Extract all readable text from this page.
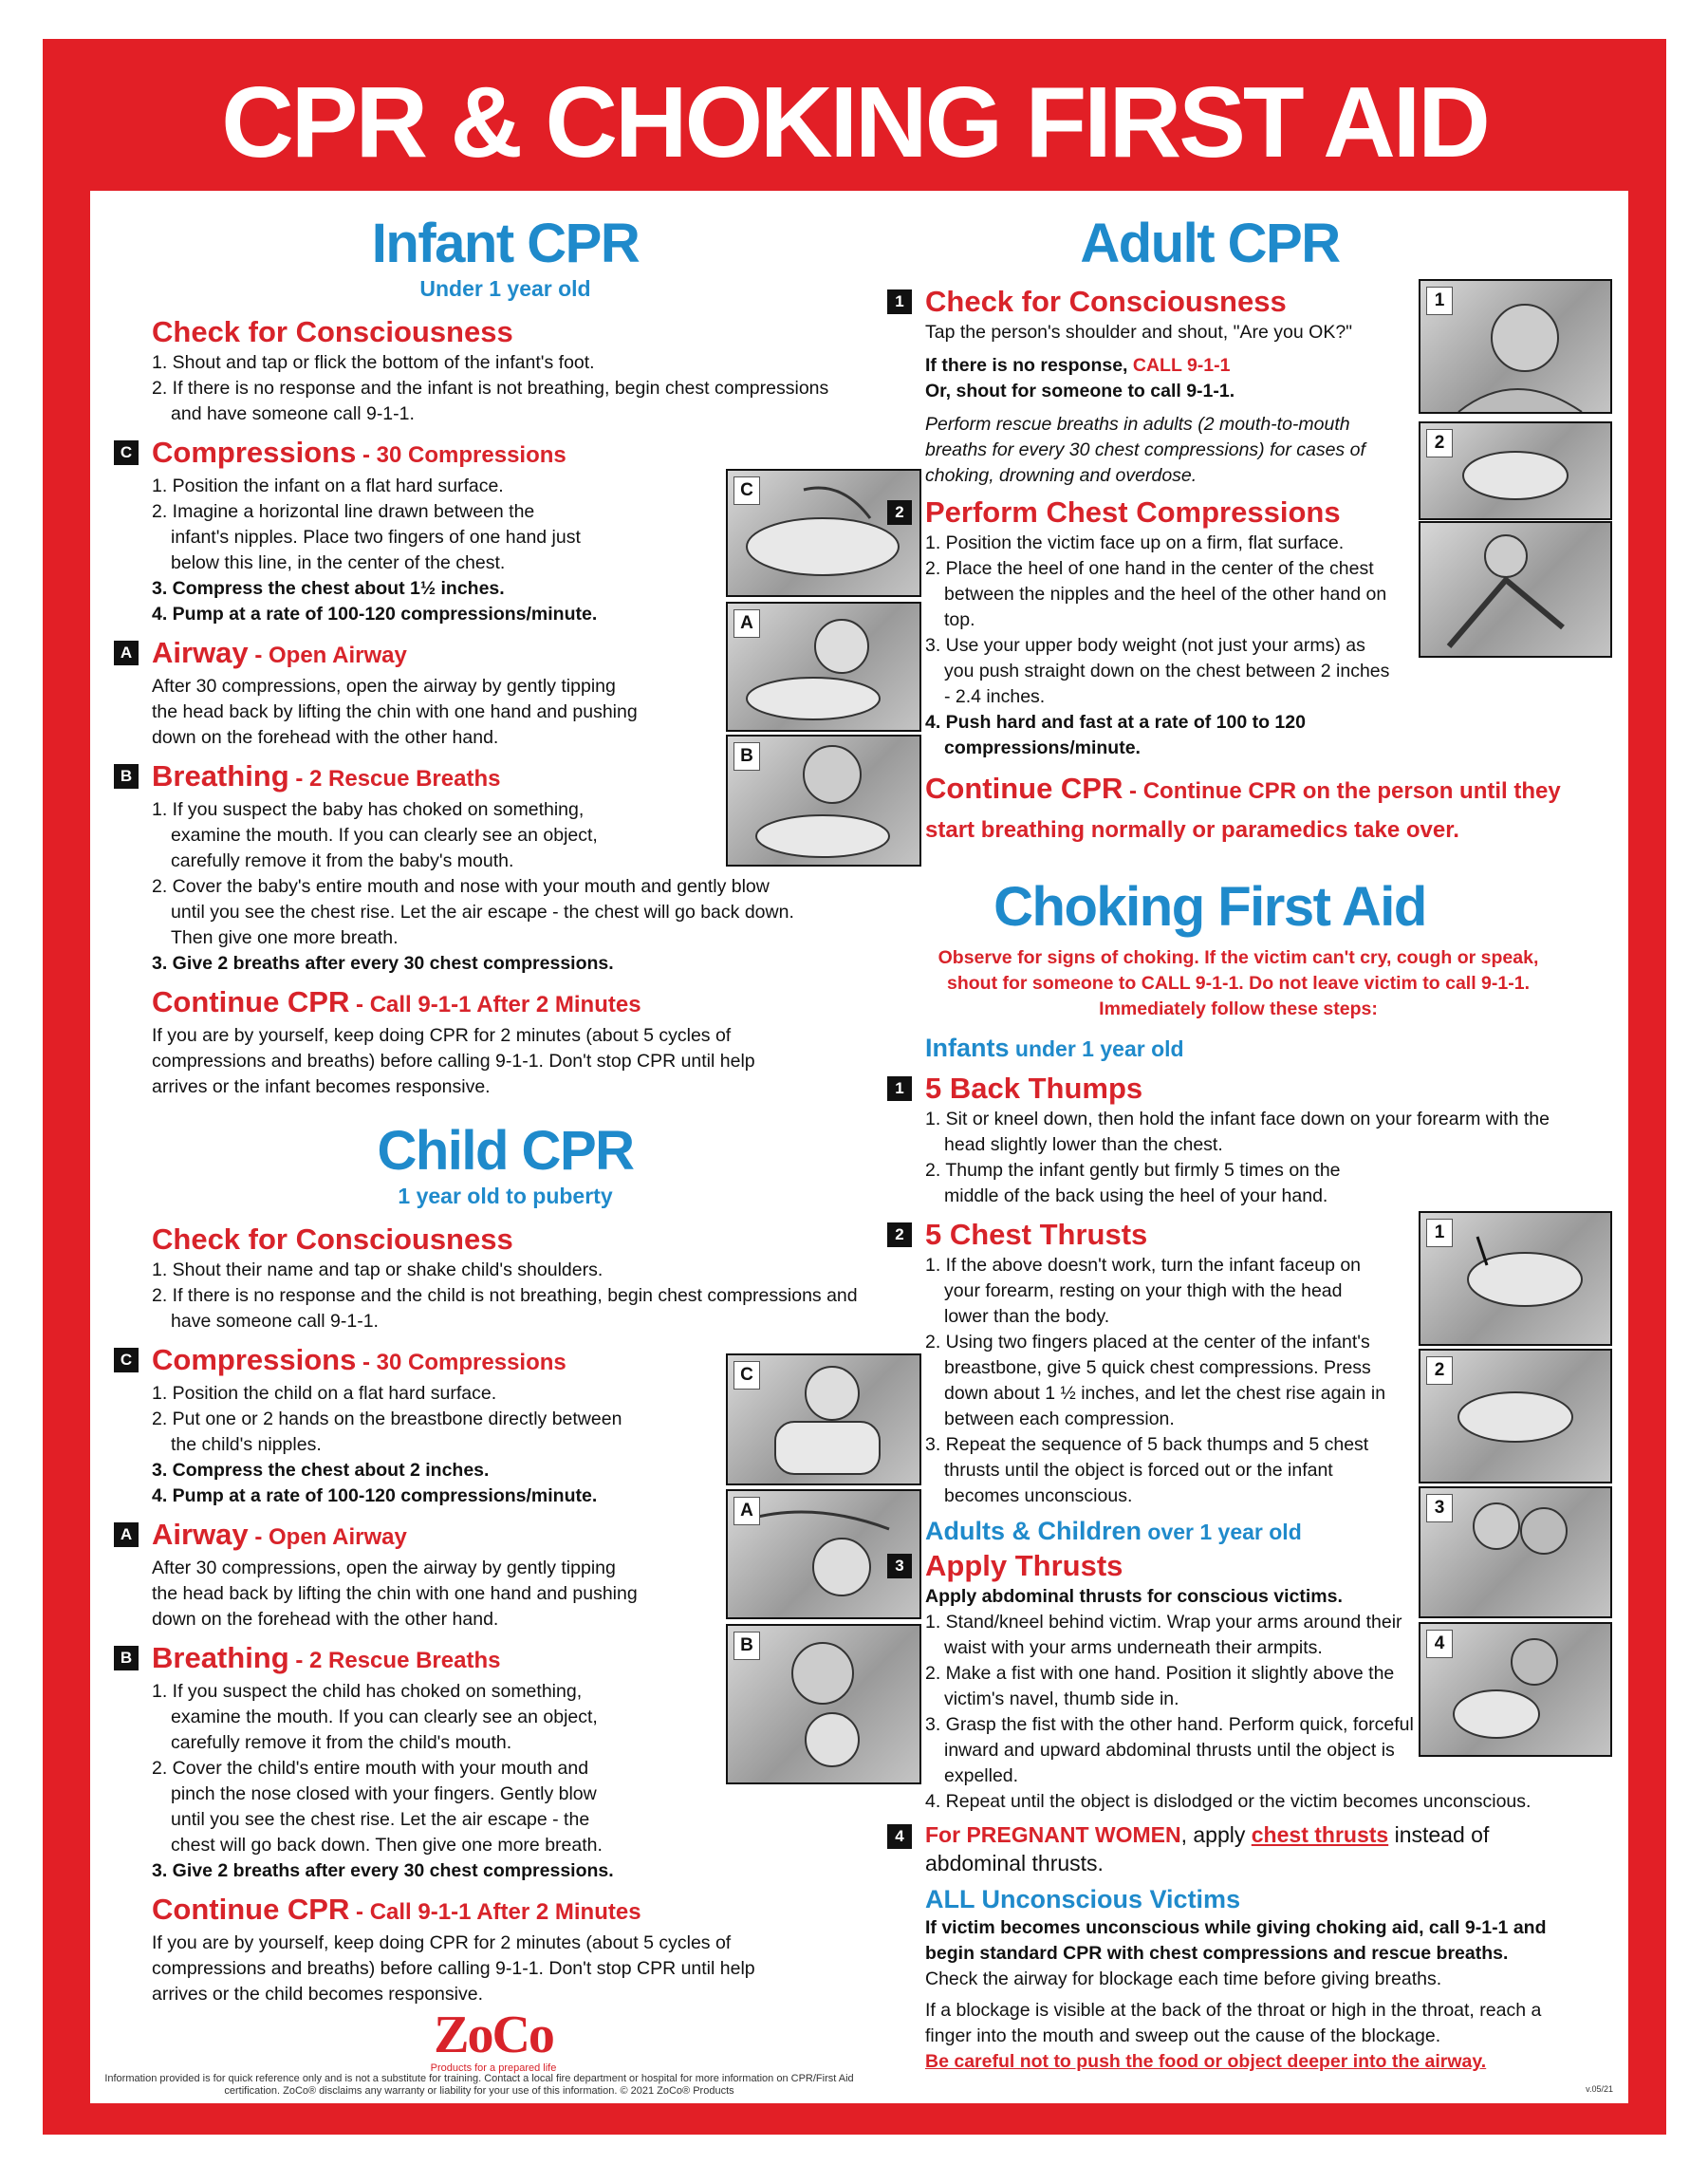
CPR & CHOKING FIRST AID
Infant CPR
Under 1 year old
Check for Consciousness
1. Shout and tap or flick the bottom of the infant's foot.
2. If there is no response and the infant is not breathing, begin chest compressions and have someone call 9-1-1.
C Compressions - 30 Compressions
1. Position the infant on a flat hard surface.
2. Imagine a horizontal line drawn between the infant's nipples. Place two fingers of one hand just below this line, in the center of the chest.
3. Compress the chest about 1½ inches.
4. Pump at a rate of 100-120 compressions/minute.
A Airway - Open Airway
After 30 compressions, open the airway by gently tipping the head back by lifting the chin with one hand and pushing down on the forehead with the other hand.
B Breathing - 2 Rescue Breaths
1. If you suspect the baby has choked on something, examine the mouth. If you can clearly see an object, carefully remove it from the baby's mouth.
2. Cover the baby's entire mouth and nose with your mouth and gently blow until you see the chest rise. Let the air escape - the chest will go back down. Then give one more breath.
3. Give 2 breaths after every 30 chest compressions.
Continue CPR - Call 9-1-1 After 2 Minutes
If you are by yourself, keep doing CPR for 2 minutes (about 5 cycles of compressions and breaths) before calling 9-1-1. Don't stop CPR until help arrives or the infant becomes responsive.
C
A
B
Child CPR
1 year old to puberty
Check for Consciousness
1. Shout their name and tap or shake child's shoulders.
2. If there is no response and the child is not breathing, begin chest compressions and have someone call 9-1-1.
C Compressions - 30 Compressions
1. Position the child on a flat hard surface.
2. Put one or 2 hands on the breastbone directly between the child's nipples.
3. Compress the chest about 2 inches.
4. Pump at a rate of 100-120 compressions/minute.
A Airway - Open Airway
After 30 compressions, open the airway by gently tipping the head back by lifting the chin with one hand and pushing down on the forehead with the other hand.
B Breathing - 2 Rescue Breaths
1. If you suspect the child has choked on something, examine the mouth. If you can clearly see an object, carefully remove it from the child's mouth.
2. Cover the child's entire mouth with your mouth and pinch the nose closed with your fingers. Gently blow until you see the chest rise. Let the air escape - the chest will go back down. Then give one more breath.
3. Give 2 breaths after every 30 chest compressions.
Continue CPR - Call 9-1-1 After 2 Minutes
If you are by yourself, keep doing CPR for 2 minutes (about 5 cycles of compressions and breaths) before calling 9-1-1. Don't stop CPR until help arrives or the child becomes responsive.
C
A
B
Adult CPR
1 Check for Consciousness
Tap the person's shoulder and shout, "Are you OK?"
If there is no response, CALL 9-1-1
Or, shout for someone to call 9-1-1.
Perform rescue breaths in adults (2 mouth-to-mouth breaths for every 30 chest compressions) for cases of choking, drowning and overdose.
2 Perform Chest Compressions
1. Position the victim face up on a firm, flat surface.
2. Place the heel of one hand in the center of the chest between the nipples and the heel of the other hand on top.
3. Use your upper body weight (not just your arms) as you push straight down on the chest between 2 inches - 2.4 inches.
4. Push hard and fast at a rate of 100 to 120 compressions/minute.
Continue CPR - Continue CPR on the person until they start breathing normally or paramedics take over.
Choking First Aid
Observe for signs of choking. If the victim can't cry, cough or speak, shout for someone to CALL 9-1-1. Do not leave victim to call 9-1-1. Immediately follow these steps:
Infants under 1 year old
1 5 Back Thumps
1. Sit or kneel down, then hold the infant face down on your forearm with the head slightly lower than the chest.
2. Thump the infant gently but firmly 5 times on the middle of the back using the heel of your hand.
2 5 Chest Thrusts
1. If the above doesn't work, turn the infant faceup on your forearm, resting on your thigh with the head lower than the body.
2. Using two fingers placed at the center of the infant's breastbone, give 5 quick chest compressions. Press down about 1 ½ inches, and let the chest rise again in between each compression.
3. Repeat the sequence of 5 back thumps and 5 chest thrusts until the object is forced out or the infant becomes unconscious.
Adults & Children over 1 year old
3 Apply Thrusts
Apply abdominal thrusts for conscious victims.
1. Stand/kneel behind victim. Wrap your arms around their waist with your arms underneath their armpits.
2. Make a fist with one hand. Position it slightly above the victim's navel, thumb side in.
3. Grasp the fist with the other hand. Perform quick, forceful inward and upward abdominal thrusts until the object is expelled.
4. Repeat until the object is dislodged or the victim becomes unconscious.
4 For PREGNANT WOMEN, apply chest thrusts instead of abdominal thrusts.
ALL Unconscious Victims
If victim becomes unconscious while giving choking aid, call 9-1-1 and begin standard CPR with chest compressions and rescue breaths.
Check the airway for blockage each time before giving breaths.
If a blockage is visible at the back of the throat or high in the throat, reach a finger into the mouth and sweep out the cause of the blockage.
Be careful not to push the food or object deeper into the airway.
1
2
1
2
3
4
ZoCo
Products for a prepared life
Information provided is for quick reference only and is not a substitute for training. Contact a local fire department or hospital for more information on CPR/First Aid certification. ZoCo® disclaims any warranty or liability for your use of this information. © 2021 ZoCo® Products	v.05/21
